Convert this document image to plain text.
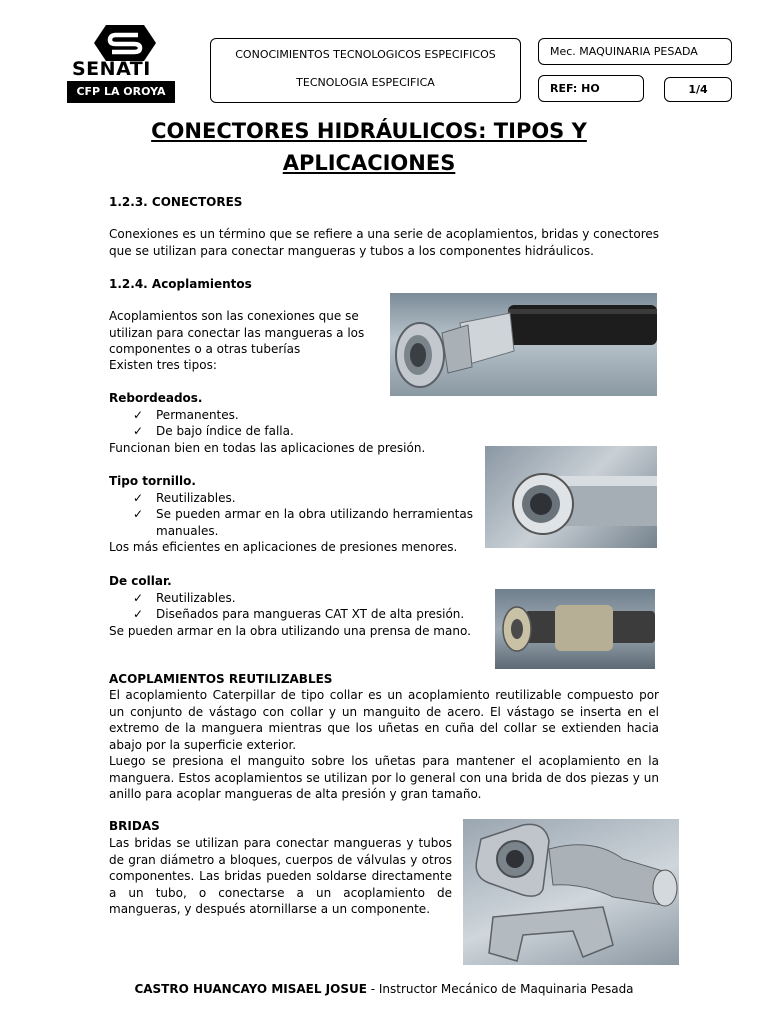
SENATI
CFP LA OROYA
CONOCIMIENTOS TECNOLOGICOS ESPECIFICOS
TECNOLOGIA ESPECIFICA
Mec. MAQUINARIA PESADA
REF: HO	1/4
CONECTORES HIDRÁULICOS: TIPOS Y
APLICACIONES
1.2.3. CONECTORES
Conexiones es un término que se refiere a una serie de acoplamientos, bridas y conectores que se utilizan para conectar mangueras y tubos a los componentes hidráulicos.
1.2.4. Acoplamientos
Acoplamientos son las conexiones que se utilizan para conectar las mangueras a los componentes o a otras tuberías
Existen tres tipos:
Rebordeados.
✓ Permanentes.
✓ De bajo índice de falla.
Funcionan bien en todas las aplicaciones de presión.
Tipo tornillo.
✓ Reutilizables.
✓ Se pueden armar en la obra utilizando herramientas manuales.
Los más eficientes en aplicaciones de presiones menores.
De collar.
✓ Reutilizables.
✓ Diseñados para mangueras CAT XT de alta presión.
Se pueden armar en la obra utilizando una prensa de mano.
ACOPLAMIENTOS REUTILIZABLES
El acoplamiento Caterpillar de tipo collar es un acoplamiento reutilizable compuesto por un conjunto de vástago con collar y un manguito de acero. El vástago se inserta en el extremo de la manguera mientras que los uñetas en cuña del collar se extienden hacia abajo por la superficie exterior.
Luego se presiona el manguito sobre los uñetas para mantener el acoplamiento en la manguera. Estos acoplamientos se utilizan por lo general con una brida de dos piezas y un anillo para acoplar mangueras de alta presión y gran tamaño.
BRIDAS
Las bridas se utilizan para conectar mangueras y tubos de gran diámetro a bloques, cuerpos de válvulas y otros componentes. Las bridas pueden soldarse directamente a un tubo, o conectarse a un acoplamiento de mangueras, y después atornillarse a un componente.
CASTRO HUANCAYO MISAEL JOSUE - Instructor Mecánico de Maquinaria Pesada
